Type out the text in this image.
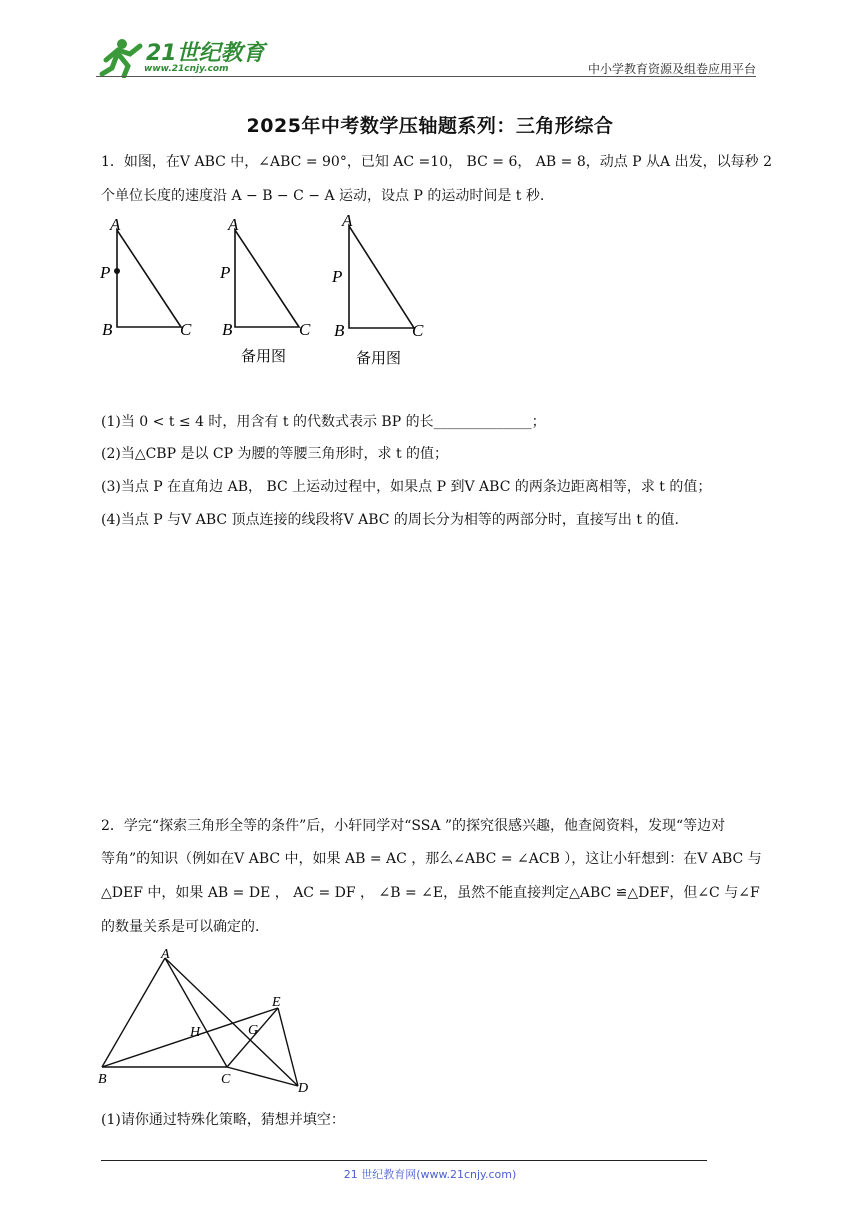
21世纪教育
www.21cnjy.com	中小学教育资源及组卷应用平台
2025年中考数学压轴题系列：三角形综合
1．如图，在V ABC 中，∠ABC = 90°，已知 AC =10， BC = 6， AB = 8，动点 P 从A 出发，以每秒 2
个单位长度的速度沿 A − B − C − A 运动，设点 P 的运动时间是 t 秒.
A
P
B	C
A
P
B	C
备用图
A
P
B	C
备用图
(1)当 0 < t ≤ 4 时，用含有 t 的代数式表示 BP 的长______________；
(2)当△CBP 是以 CP 为腰的等腰三角形时，求 t 的值；
(3)当点 P 在直角边 AB， BC 上运动过程中，如果点 P 到V ABC 的两条边距离相等，求 t 的值；
(4)当点 P 与V ABC 顶点连接的线段将V ABC 的周长分为相等的两部分时，直接写出 t 的值.
2．学完“探索三角形全等的条件”后，小轩同学对“SSA ”的探究很感兴趣，他查阅资料，发现“等边对
等角”的知识（例如在V ABC 中，如果 AB = AC ，那么∠ABC = ∠ACB ），这让小轩想到：在V ABC 与
△DEF 中，如果 AB = DE ， AC = DF ， ∠B = ∠E，虽然不能直接判定△ABC ≌△DEF，但∠C 与∠F
的数量关系是可以确定的.
A
B	C
D
E
G
H
(1)请你通过特殊化策略，猜想并填空：
21 世纪教育网(www.21cnjy.com)
